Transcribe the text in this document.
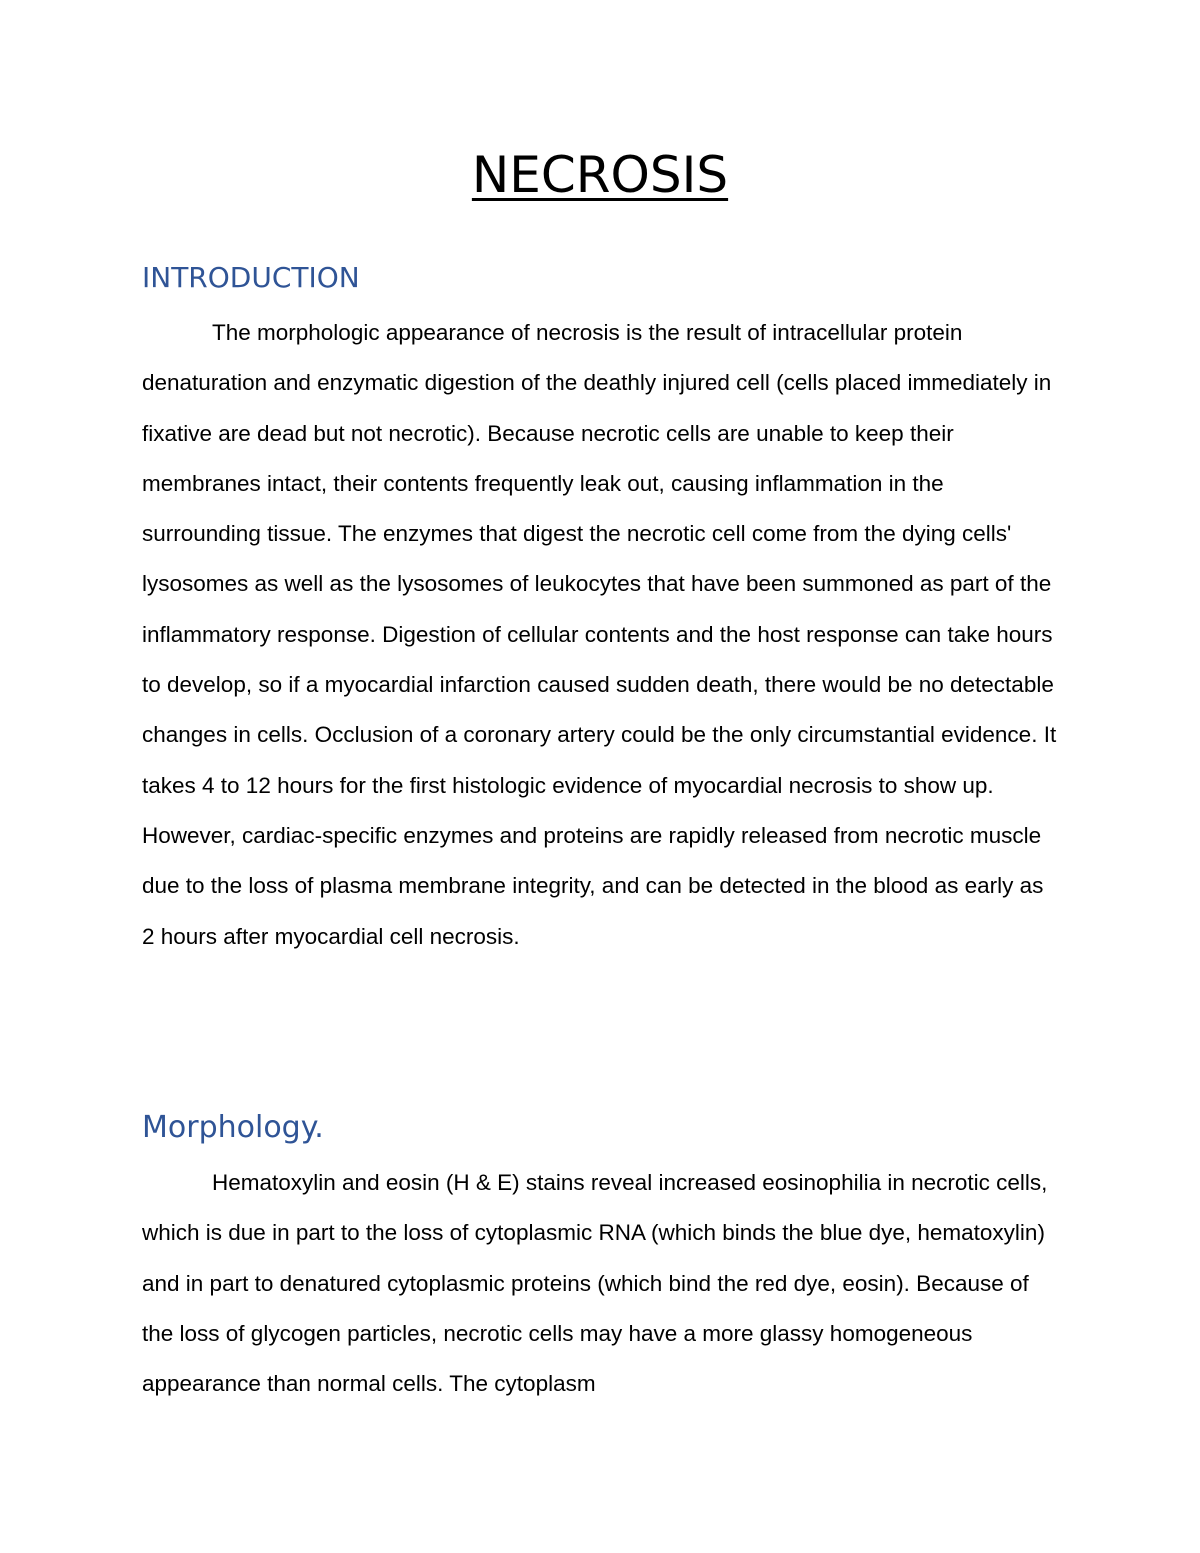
NECROSIS
INTRODUCTION

The morphologic appearance of necrosis is the result of intracellular protein denaturation and enzymatic digestion of the deathly injured cell (cells placed immediately in fixative are dead but not necrotic). Because necrotic cells are unable to keep their membranes intact, their contents frequently leak out, causing inflammation in the surrounding tissue. The enzymes that digest the necrotic cell come from the dying cells' lysosomes as well as the lysosomes of leukocytes that have been summoned as part of the inflammatory response. Digestion of cellular contents and the host response can take hours to develop, so if a myocardial infarction caused sudden death, there would be no detectable changes in cells. Occlusion of a coronary artery could be the only circumstantial evidence. It takes 4 to 12 hours for the first histologic evidence of myocardial necrosis to show up. However, cardiac-specific enzymes and proteins are rapidly released from necrotic muscle due to the loss of plasma membrane integrity, and can be detected in the blood as early as 2 hours after myocardial cell necrosis.

Morphology.

Hematoxylin and eosin (H & E) stains reveal increased eosinophilia in necrotic cells, which is due in part to the loss of cytoplasmic RNA (which binds the blue dye, hematoxylin) and in part to denatured cytoplasmic proteins (which bind the red dye, eosin). Because of the loss of glycogen particles, necrotic cells may have a more glassy homogeneous appearance than normal cells. The cytoplasm
